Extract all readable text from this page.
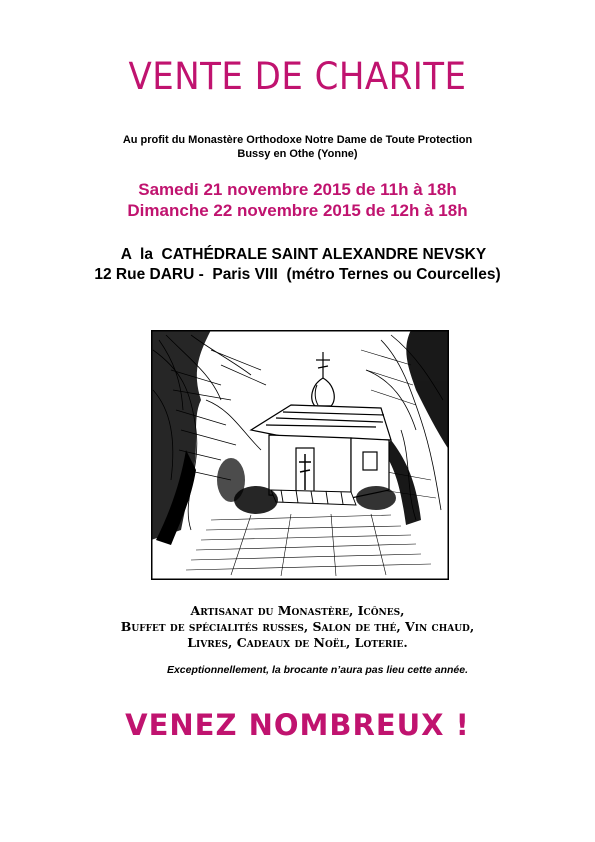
VENTE DE CHARITE
Au profit du Monastère Orthodoxe Notre Dame de Toute Protection
Bussy en Othe (Yonne)
Samedi 21 novembre 2015 de 11h à 18h
Dimanche 22 novembre 2015 de 12h à 18h
A  la  CATHÉDRALE SAINT ALEXANDRE NEVSKY
12 Rue DARU -  Paris VIII  (métro Ternes ou Courcelles)
Artisanat du Monastère, Icônes,
Buffet de spécialités russes, Salon de thé, Vin chaud,
Livres, Cadeaux de Noël, Loterie.
Exceptionnellement, la brocante n’aura pas lieu cette année.
VENEZ NOMBREUX !
